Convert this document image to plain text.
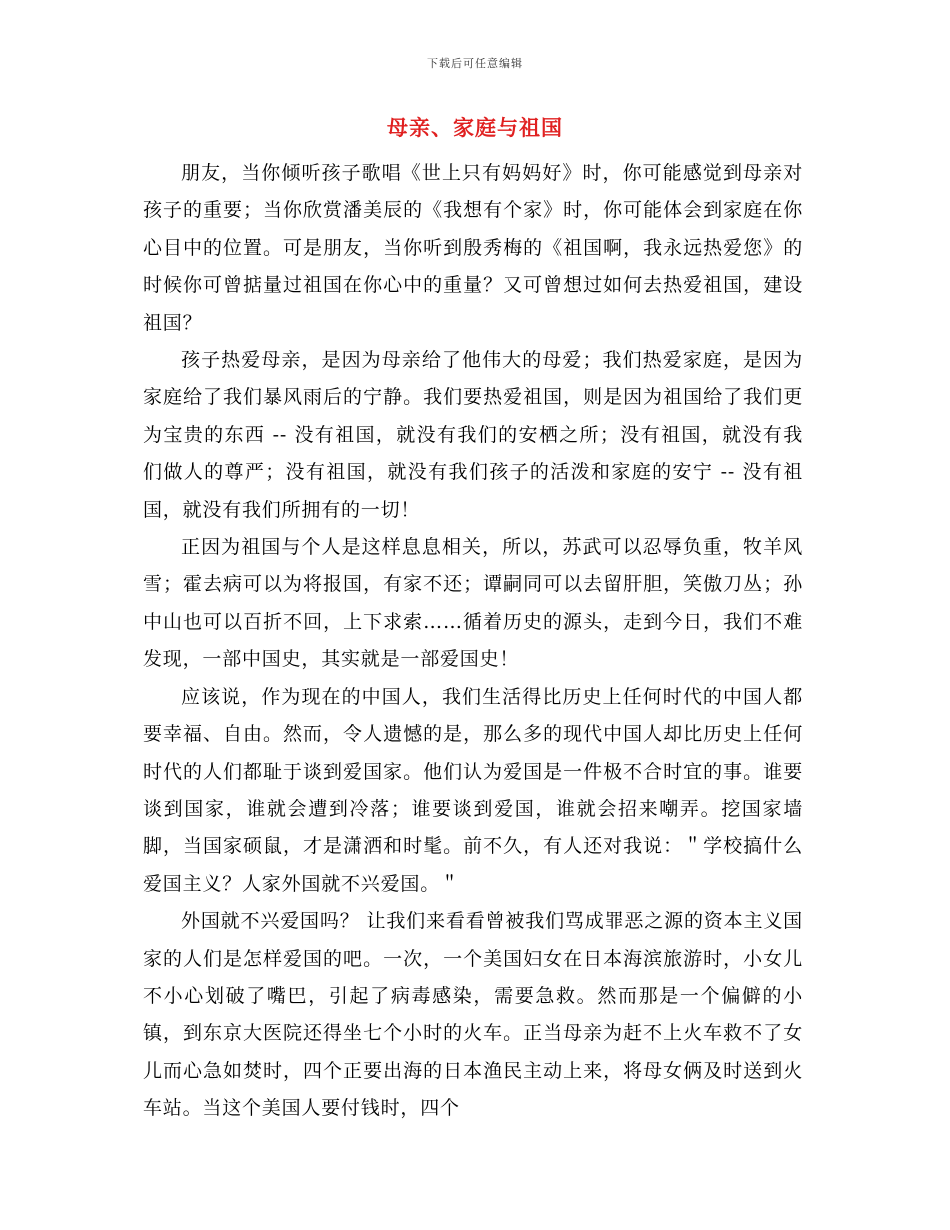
下载后可任意编辑
母亲、家庭与祖国

朋友，当你倾听孩子歌唱《世上只有妈妈好》时，你可能感觉到母亲对孩子的重要；当你欣赏潘美辰的《我想有个家》时，你可能体会到家庭在你心目中的位置。可是朋友，当你听到殷秀梅的《祖国啊，我永远热爱您》的时候你可曾掂量过祖国在你心中的重量？又可曾想过如何去热爱祖国，建设祖国？

孩子热爱母亲，是因为母亲给了他伟大的母爱；我们热爱家庭，是因为家庭给了我们暴风雨后的宁静。我们要热爱祖国，则是因为祖国给了我们更为宝贵的东西 -- 没有祖国，就没有我们的安栖之所；没有祖国，就没有我们做人的尊严；没有祖国，就没有我们孩子的活泼和家庭的安宁 -- 没有祖国，就没有我们所拥有的一切！

正因为祖国与个人是这样息息相关，所以，苏武可以忍辱负重，牧羊风雪；霍去病可以为将报国，有家不还；谭嗣同可以去留肝胆，笑傲刀丛；孙中山也可以百折不回，上下求索……循着历史的源头，走到今日，我们不难发现，一部中国史，其实就是一部爱国史！

应该说，作为现在的中国人，我们生活得比历史上任何时代的中国人都要幸福、自由。然而，令人遗憾的是，那么多的现代中国人却比历史上任何时代的人们都耻于谈到爱国家。他们认为爱国是一件极不合时宜的事。谁要谈到国家，谁就会遭到冷落；谁要谈到爱国，谁就会招来嘲弄。挖国家墙脚，当国家硕鼠，才是潇洒和时髦。前不久，有人还对我说：＂学校搞什么爱国主义？人家外国就不兴爱国。＂

外国就不兴爱国吗？ 让我们来看看曾被我们骂成罪恶之源的资本主义国家的人们是怎样爱国的吧。一次，一个美国妇女在日本海滨旅游时，小女儿不小心划破了嘴巴，引起了病毒感染，需要急救。然而那是一个偏僻的小镇，到东京大医院还得坐七个小时的火车。正当母亲为赶不上火车救不了女儿而心急如焚时，四个正要出海的日本渔民主动上来，将母女俩及时送到火车站。当这个美国人要付钱时，四个
